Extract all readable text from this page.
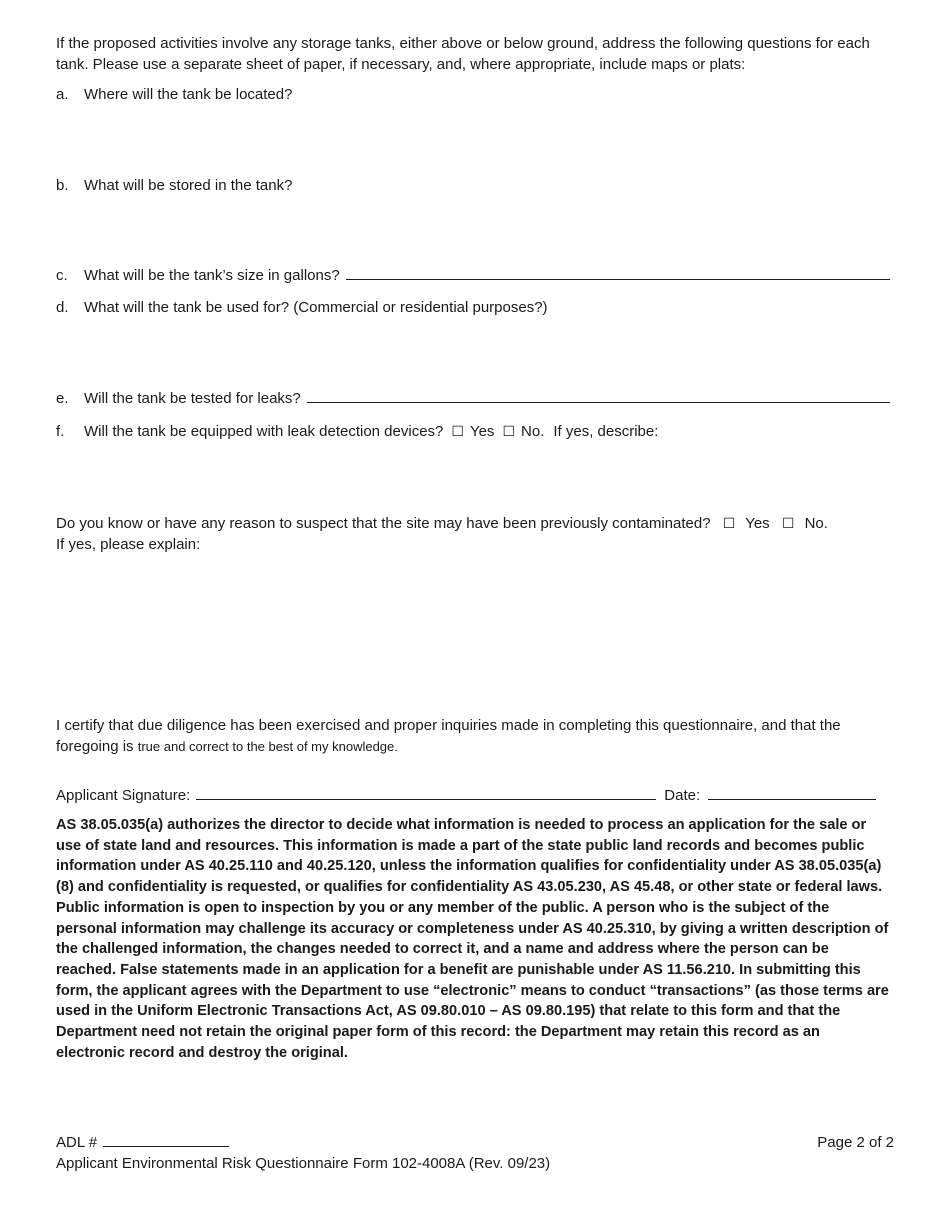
If the proposed activities involve any storage tanks, either above or below ground, address the following questions for each tank. Please use a separate sheet of paper, if necessary, and, where appropriate, include maps or plats:
a.	Where will the tank be located?
b.	What will be stored in the tank?
c.	What will be the tank’s size in gallons?
d.	What will the tank be used for? (Commercial or residential purposes?)
e.	Will the tank be tested for leaks?
f.	Will the tank be equipped with leak detection devices? ☐ Yes ☐ No. If yes, describe:
Do you know or have any reason to suspect that the site may have been previously contaminated? ☐ Yes ☐ No.
If yes, please explain:
I certify that due diligence has been exercised and proper inquiries made in completing this questionnaire, and that the foregoing is true and correct to the best of my knowledge.
Applicant Signature:	Date:
AS 38.05.035(a) authorizes the director to decide what information is needed to process an application for the sale or use of state land and resources. This information is made a part of the state public land records and becomes public information under AS 40.25.110 and 40.25.120, unless the information qualifies for confidentiality under AS 38.05.035(a)(8) and confidentiality is requested, or qualifies for confidentiality AS 43.05.230, AS 45.48, or other state or federal laws. Public information is open to inspection by you or any member of the public. A person who is the subject of the personal information may challenge its accuracy or completeness under AS 40.25.310, by giving a written description of the challenged information, the changes needed to correct it, and a name and address where the person can be reached. False statements made in an application for a benefit are punishable under AS 11.56.210. In submitting this form, the applicant agrees with the Department to use “electronic” means to conduct “transactions” (as those terms are used in the Uniform Electronic Transactions Act, AS 09.80.010 – AS 09.80.195) that relate to this form and that the Department need not retain the original paper form of this record: the Department may retain this record as an electronic record and destroy the original.
ADL #
Applicant Environmental Risk Questionnaire Form 102-4008A (Rev. 09/23)
Page 2 of 2
